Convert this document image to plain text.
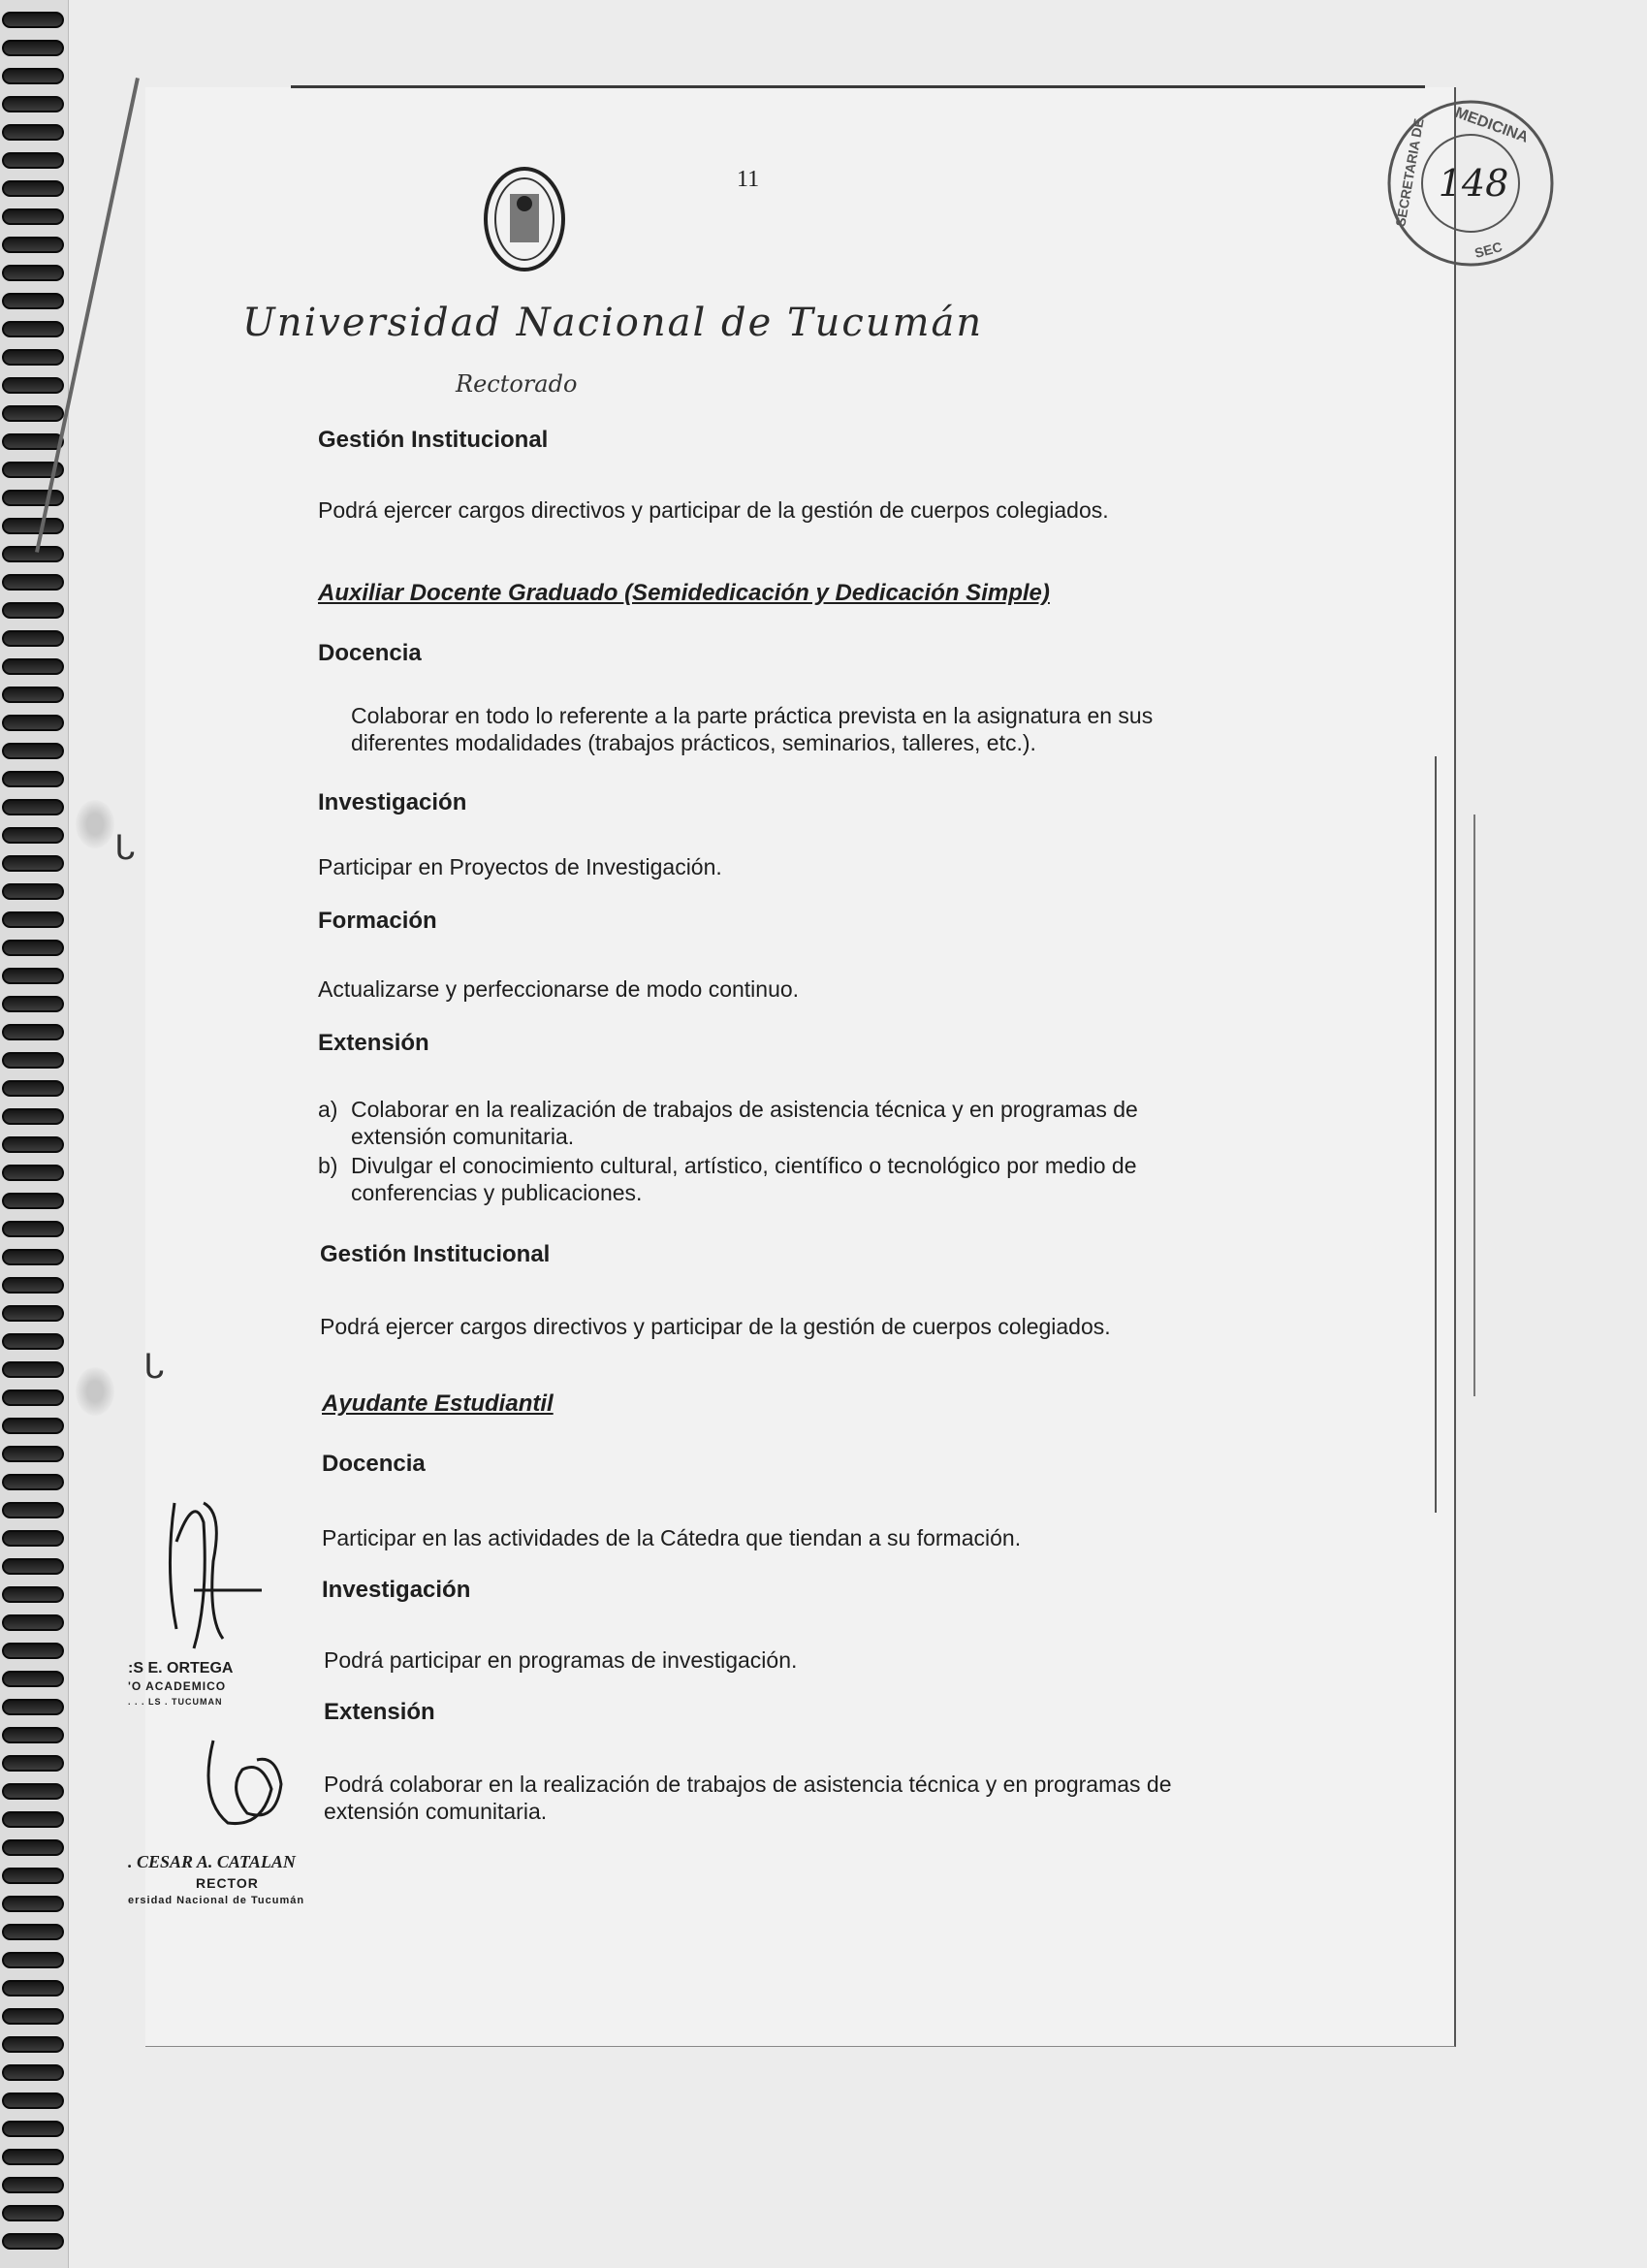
ᒐ
ᒐ
11
Universidad Nacional de Tucumán
Rectorado
MEDICINA
SECRETARIA DE
SEC
148
Gestión Institucional
Podrá ejercer cargos directivos y participar de la gestión de cuerpos colegiados.
Auxiliar Docente Graduado (Semidedicación y Dedicación Simple)
Docencia
Colaborar en todo lo referente a la parte práctica prevista en la asignatura en sus
diferentes modalidades (trabajos prácticos, seminarios, talleres, etc.).
Investigación
Participar en Proyectos de Investigación.
Formación
Actualizarse y perfeccionarse de modo continuo.
Extensión
a) Colaborar en la realización de trabajos de asistencia técnica y en programas de
extensión comunitaria.
b) Divulgar el conocimiento cultural, artístico, científico o tecnológico por medio de
conferencias y publicaciones.
Gestión Institucional
Podrá ejercer cargos directivos y participar de la gestión de cuerpos colegiados.
Ayudante Estudiantil
Docencia
Participar en las actividades de la Cátedra que tiendan a su formación.
Investigación
Podrá participar en programas de investigación.
Extensión
Podrá colaborar en la realización de trabajos de asistencia técnica y en programas de
extensión comunitaria.
:S E. ORTEGA
'O ACADEMICO
. . . LS . TUCUMAN
. CESAR A. CATALAN
RECTOR
ersidad Nacional de Tucumán
